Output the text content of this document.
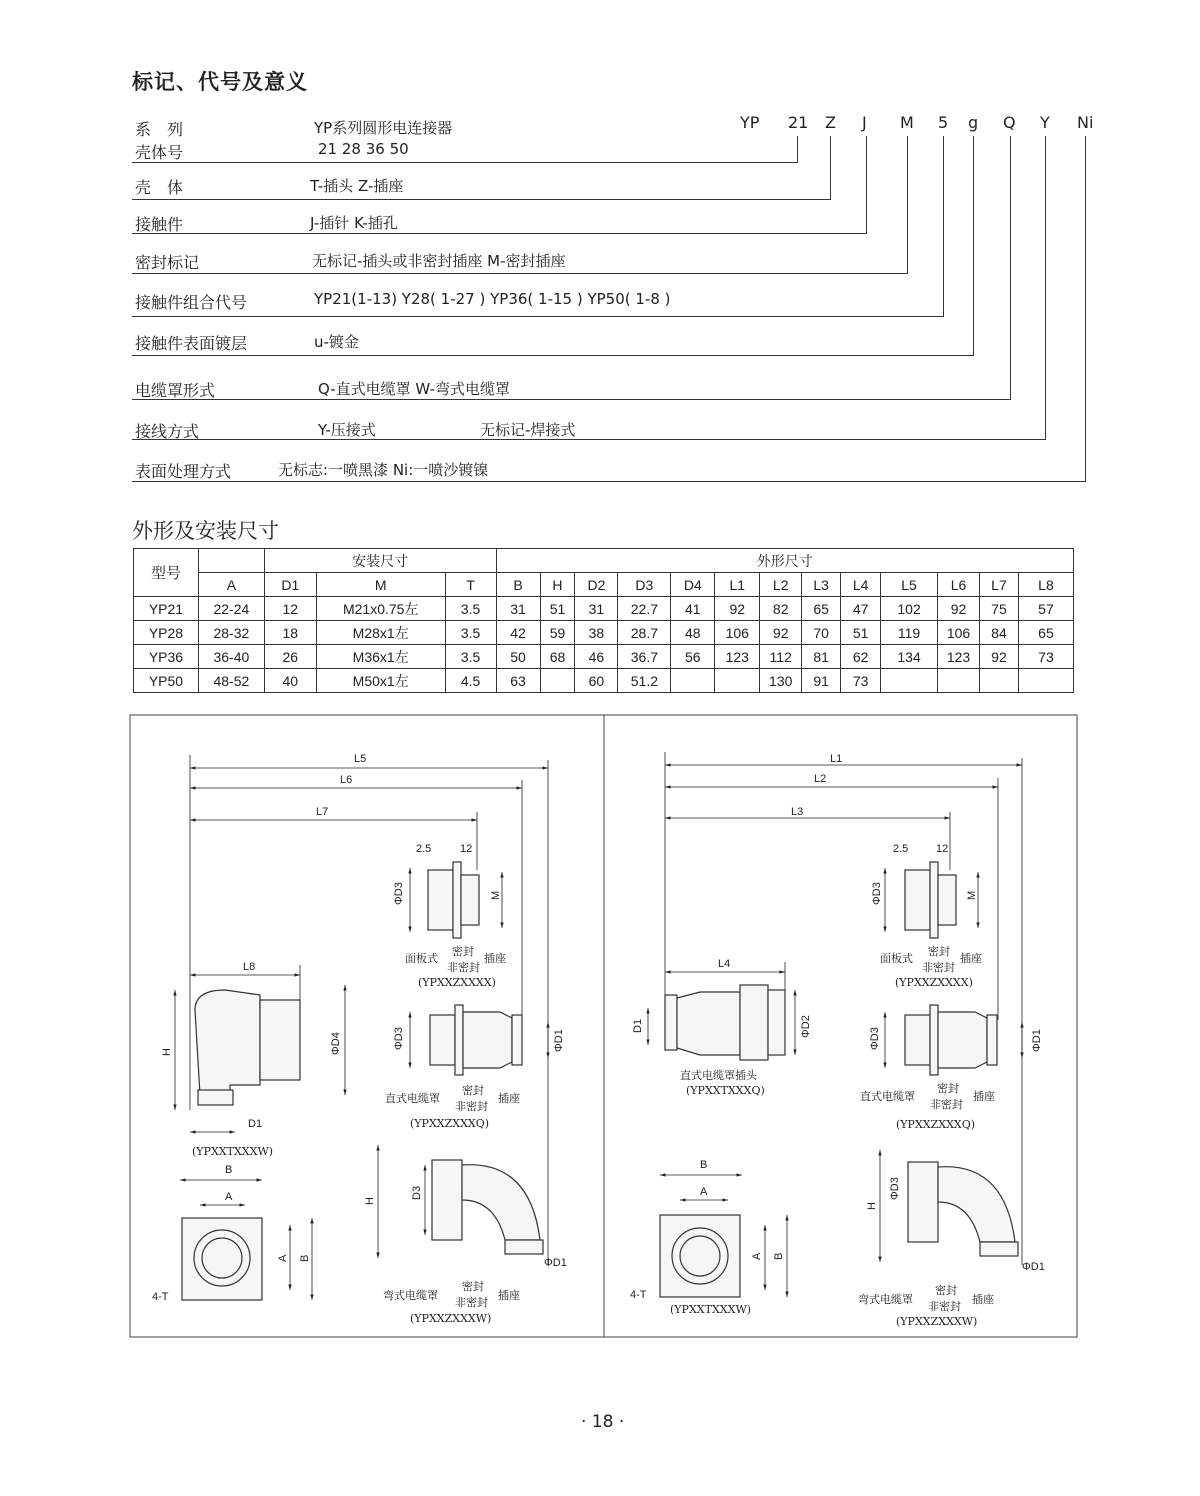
标记、代号及意义
YP 21 Z J M 5 g Q Y Ni
系　列	YP系列圆形电连接器
壳体号	21 28 36 50
壳　体	T-插头 Z-插座
接触件	J-插针 K-插孔
密封标记	无标记-插头或非密封插座 M-密封插座
接触件组合代号	YP21(1-13) Y28( 1-27 ) YP36( 1-15 ) YP50( 1-8 )
接触件表面镀层	u-镀金
电缆罩形式	Q-直式电缆罩 W-弯式电缆罩
接线方式	Y-压接式	无标记-焊接式
表面处理方式	无标志:一喷黑漆 Ni:一喷沙镀镍
外形及安装尺寸
型号		安装尺寸			外形尺寸												
	A	D1	M	T	B	H	D2	D3	D4	L1	L2	L3	L4	L5	L6	L7	L8
YP21	22-24	12	M21x0.75左	3.5	31	51	31	22.7	41	92	82	65	47	102	92	75	57
YP28	28-32	18	M28x1左	3.5	42	59	38	28.7	48	106	92	70	51	119	106	84	65
YP36	36-40	26	M36x1左	3.5	50	68	46	36.7	56	123	112	81	62	134	123	92	73
YP50	48-52	40	M50x1左	4.5	63		60	51.2			130	91	73				
L5
L6
L7
L8
2.5	12
ΦD3	M
ΦD3	ΦD1
ΦD4
H
D1
B
A
A B
4-T
H
D3
ΦD1
面板式
密封
非密封
插座
(YPXXZXXXX)
直式电缆罩
密封
非密封
插座
(YPXXZXXXQ)
(YPXXTXXXW)
弯式电缆罩
密封
非密封
插座
(YPXXZXXXW)
L1
L2
L3
L4
2.5	12
ΦD3	M
D1	ΦD2
ΦD3	ΦD1
H
ΦD3
ΦD1
B
A
A B
4-T
面板式
密封
非密封
插座
(YPXXZXXXX)
直式电缆罩插头
(YPXXTXXXQ)	直式电缆罩
密封
非密封
插座
(YPXXZXXXQ)
(YPXXTXXXW)
弯式电缆罩
密封
非密封
插座
(YPXXZXXXW)
· 18 ·
